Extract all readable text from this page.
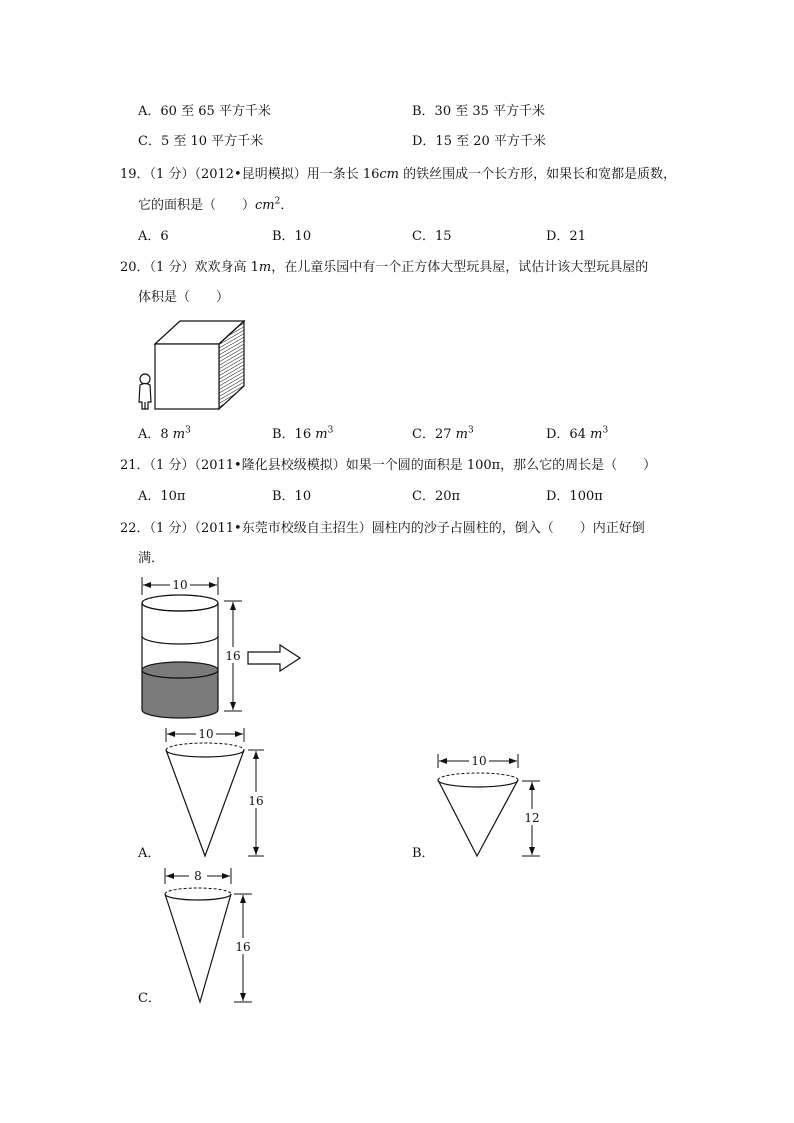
A．60 至 65 平方千米	B．30 至 35 平方千米
C．5 至 10 平方千米	D．15 至 20 平方千米
19．（1 分）（2012•昆明模拟）用一条长 16cm 的铁丝围成一个长方形，如果长和宽都是质数，
它的面积是（　　）$cm^2$．
A．6	B．10	C．15	D．21
20．（1 分）欢欢身高 1m，在儿童乐园中有一个正方体大型玩具屋，试估计该大型玩具屋的
体积是（　　）
A．8 $m^3$	B．16 $m^3$	C．27 $m^3$	D．64 $m^3$
21．（1 分）（2011•隆化县校级模拟）如果一个圆的面积是 100π，那么它的周长是（　　）
A．10π	B．10	C．20π	D．100π
22．（1 分）（2011•东莞市校级自主招生）圆柱内的沙子占圆柱的，倒入（　　）内正好倒
满．
10
16
A．
10
16
B．
10
12
C．
8
16
